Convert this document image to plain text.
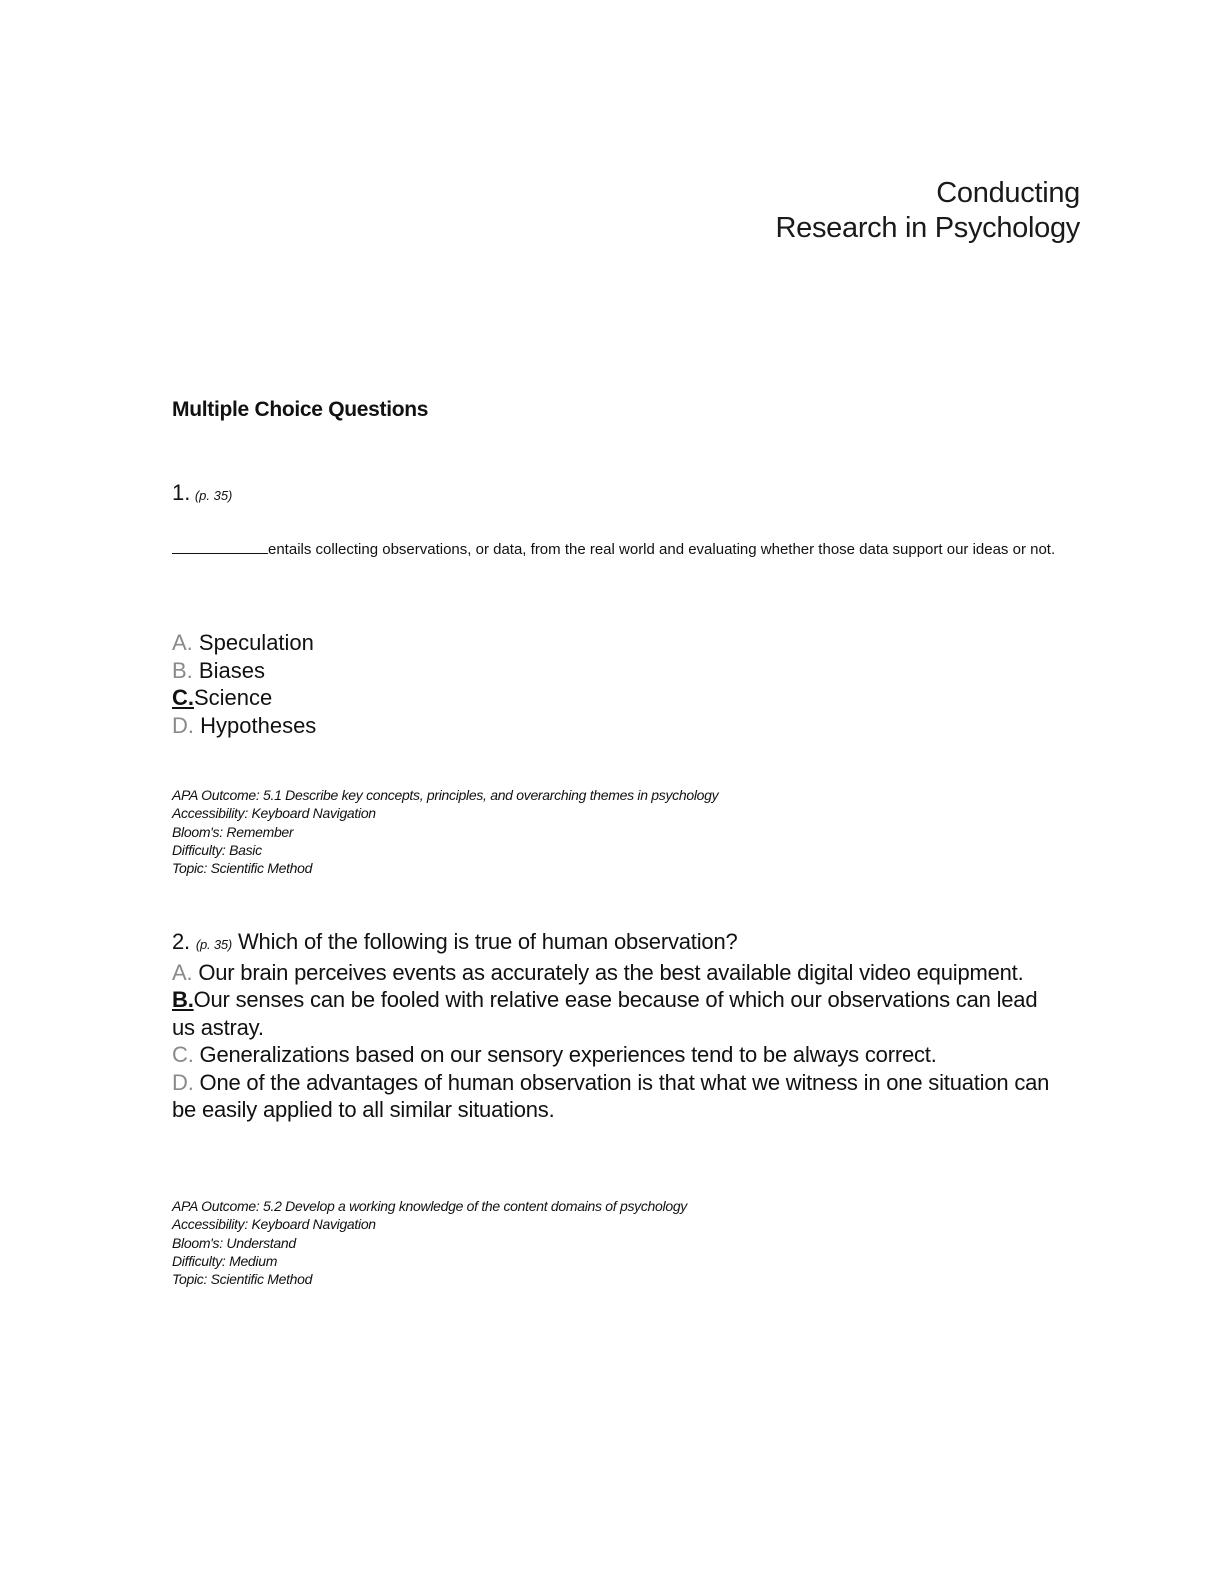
Conducting
Research in Psychology
Multiple Choice Questions
1. (p. 35)
entails collecting observations, or data, from the real world and evaluating whether those data support our ideas or not.
A. Speculation
B. Biases
C.Science
D. Hypotheses
APA Outcome: 5.1 Describe key concepts, principles, and overarching themes in psychology
Accessibility: Keyboard Navigation
Bloom's: Remember
Difficulty: Basic
Topic: Scientific Method
2. (p. 35) Which of the following is true of human observation?
A. Our brain perceives events as accurately as the best available digital video equipment.
B.Our senses can be fooled with relative ease because of which our observations can lead us astray.
C. Generalizations based on our sensory experiences tend to be always correct.
D. One of the advantages of human observation is that what we witness in one situation can be easily applied to all similar situations.
APA Outcome: 5.2 Develop a working knowledge of the content domains of psychology
Accessibility: Keyboard Navigation
Bloom's: Understand
Difficulty: Medium
Topic: Scientific Method
